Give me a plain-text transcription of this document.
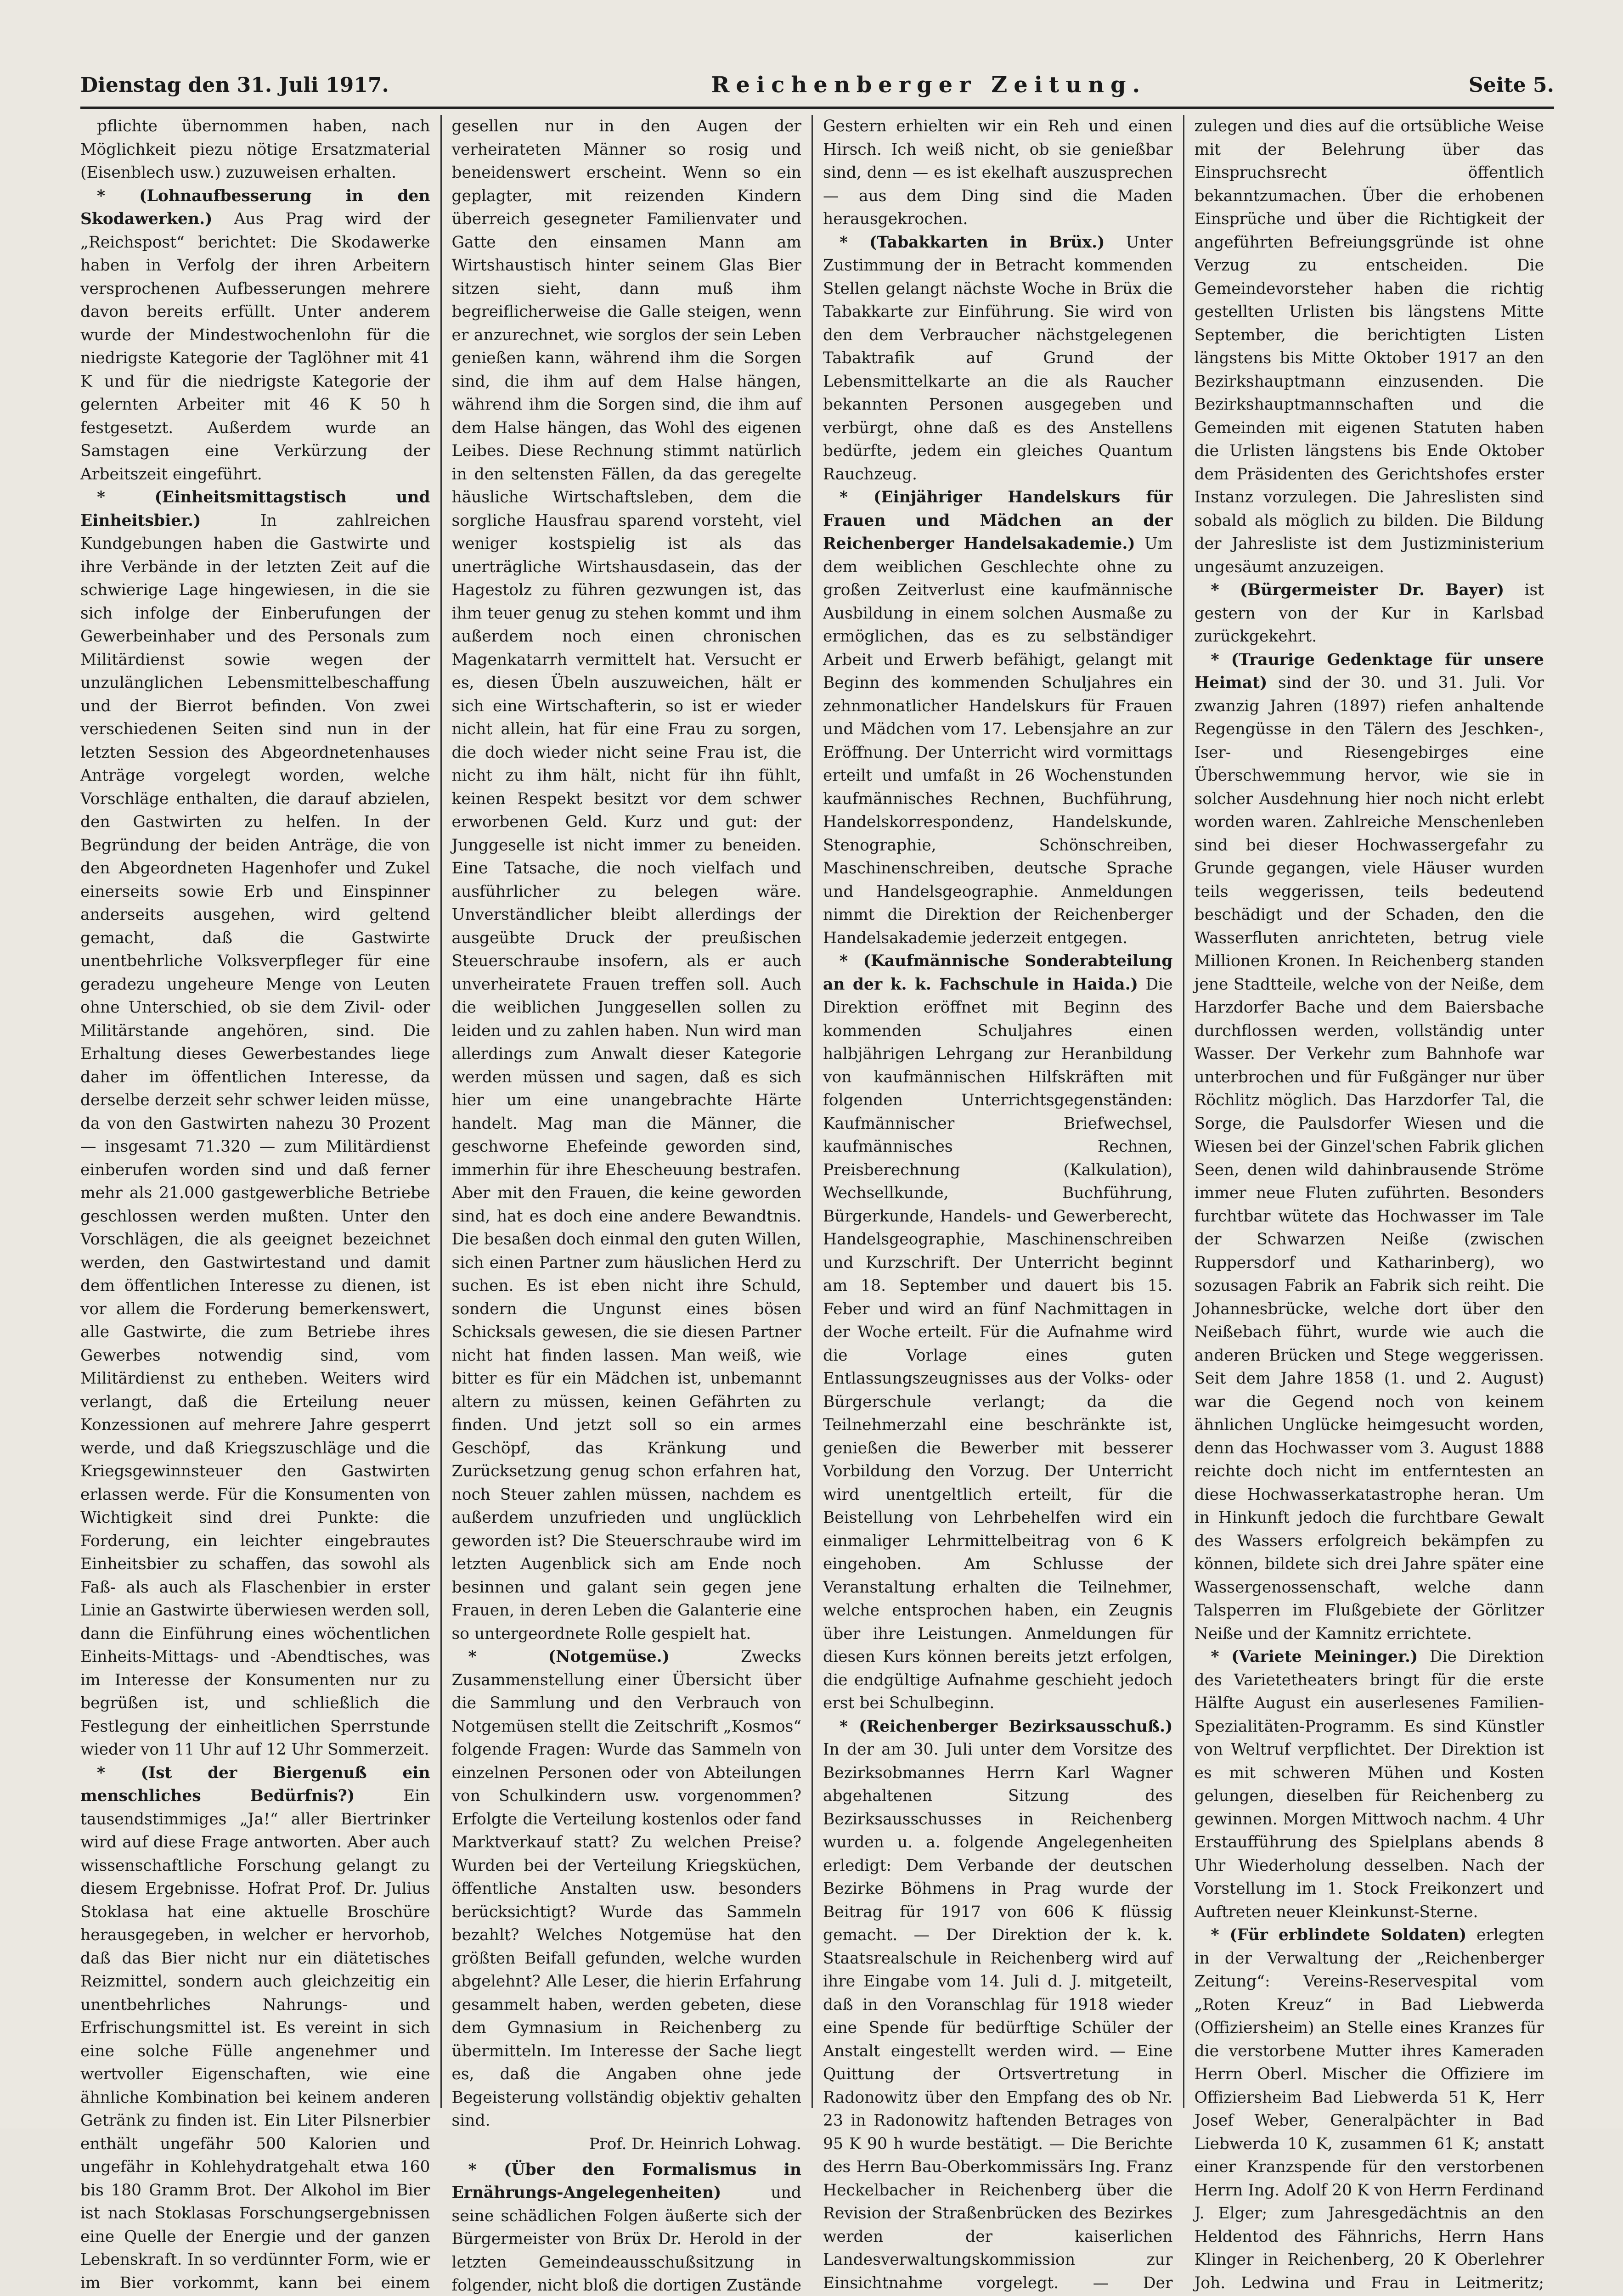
Dienstag den 31. Juli 1917.	Reichenberger Zeitung.	Seite 5.

pflichte übernommen haben, nach Möglichkeit piezu nötige Ersatzmaterial (Eisenblech usw.) zuzuweisen erhalten.

* (Lohnaufbesserung in den Skodawerken.) Aus Prag wird der „Reichspost“ berichtet: Die Skodawerke haben in Verfolg der ihren Arbeitern versprochenen Aufbesserungen mehrere davon bereits erfüllt. Unter anderem wurde der Mindestwochenlohn für die niedrigste Kategorie der Taglöhner mit 41 K und für die niedrigste Kategorie der gelernten Arbeiter mit 46 K 50 h festgesetzt. Außerdem wurde an Samstagen eine Verkürzung der Arbeitszeit eingeführt.

* (Einheitsmittagstisch und Einheitsbier.)	In zahlreichen Kundgebungen haben die Gastwirte und ihre Verbände in der letzten Zeit auf die schwierige Lage hingewiesen, in die sie sich infolge der Einberufungen der Gewerbeinhaber und des Personals zum Militärdienst sowie wegen der unzulänglichen Lebensmittelbeschaffung und der Bierrot befinden. Von zwei verschiedenen Seiten sind nun in der letzten Session des Abgeordnetenhauses Anträge vorgelegt worden, welche Vorschläge enthalten, die darauf abzielen, den Gastwirten zu helfen. In der Begründung der beiden Anträge, die von den Abgeordneten Hagenhofer und Zukel einerseits sowie Erb und Einspinner anderseits ausgehen, wird geltend gemacht, daß die Gastwirte unentbehrliche Volksverpfleger für eine geradezu ungeheure Menge von Leuten ohne Unterschied, ob sie dem Zivil- oder Militärstande angehören, sind. Die Erhaltung dieses Gewerbestandes liege daher im öffentlichen Interesse, da derselbe derzeit sehr schwer leiden müsse, da von den Gastwirten nahezu 30 Prozent — insgesamt 71.320 — zum Militärdienst einberufen worden sind und daß ferner mehr als 21.000 gastgewerbliche Betriebe geschlossen werden mußten. Unter den Vorschlägen, die als geeignet bezeichnet werden, den Gastwirtestand und damit dem öffentlichen Interesse zu dienen, ist vor allem die Forderung bemerkenswert, alle Gastwirte, die zum Betriebe ihres Gewerbes notwendig sind, vom Militärdienst zu entheben. Weiters wird verlangt, daß die Erteilung neuer Konzessionen auf mehrere Jahre gesperrt werde, und daß Kriegszuschläge und die Kriegsgewinnsteuer den Gastwirten erlassen werde. Für die Konsumenten von Wichtigkeit sind drei Punkte: die Forderung, ein leichter eingebrautes Einheitsbier zu schaffen, das sowohl als Faß- als auch als Flaschenbier in erster Linie an Gastwirte überwiesen werden soll, dann die Einführung eines wöchentlichen Einheits-Mittags- und -Abendtisches, was im Interesse der Konsumenten nur zu begrüßen ist, und schließlich die Festlegung der einheitlichen Sperrstunde wieder von 11 Uhr auf 12 Uhr Sommerzeit.

* (Ist der Biergenuß ein menschliches Bedürfnis?)	Ein tausendstimmiges „Ja!“ aller Biertrinker wird auf diese Frage antworten. Aber auch wissenschaftliche Forschung gelangt zu diesem Ergebnisse. Hofrat Prof. Dr. Julius Stoklasa hat eine aktuelle Broschüre herausgegeben, in welcher er hervorhob, daß das Bier nicht nur ein diätetisches Reizmittel, sondern auch gleichzeitig ein unentbehrliches Nahrungs- und Erfrischungsmittel ist. Es vereint in sich eine solche Fülle angenehmer und wertvoller Eigenschaften, wie eine ähnliche Kombination bei keinem anderen Getränk zu finden ist. Ein Liter Pilsnerbier enthält ungefähr 500 Kalorien und ungefähr in Kohlehydratgehalt etwa 160 bis 180 Gramm Brot. Der Alkohol im Bier ist nach Stoklasas Forschungsergebnissen eine Quelle der Energie und der ganzen Lebenskraft. In so verdünnter Form, wie er im Bier vorkommt, kann bei einem

gesellen nur in den Augen der verheirateten Männer so rosig und beneidenswert erscheint. Wenn so ein geplagter, mit reizenden Kindern überreich gesegneter Familienvater und Gatte den einsamen Mann am Wirtshaustisch hinter seinem Glas Bier sitzen sieht, dann muß ihm begreiflicherweise die Galle steigen, wenn er anzurechnet, wie sorglos der sein Leben genießen kann, während ihm die Sorgen sind, die ihm auf dem Halse hängen, während ihm die Sorgen sind, die ihm auf dem Halse hängen, das Wohl des eigenen Leibes. Diese Rechnung stimmt natürlich in den seltensten Fällen, da das geregelte häusliche Wirtschaftsleben, dem die sorgliche Hausfrau sparend vorsteht, viel weniger kostspielig ist als das unerträgliche Wirtshausdasein, das der Hagestolz zu führen gezwungen ist, das ihm teuer genug zu stehen kommt und ihm außerdem noch einen chronischen Magenkatarrh vermittelt hat. Versucht er es, diesen Übeln auszuweichen, hält er sich eine Wirtschafterin, so ist er wieder nicht allein, hat für eine Frau zu sorgen, die doch wieder nicht seine Frau ist, die nicht zu ihm hält, nicht für ihn fühlt, keinen Respekt besitzt vor dem schwer erworbenen Geld. Kurz und gut: der Junggeselle ist nicht immer zu beneiden. Eine Tatsache, die noch vielfach und ausführlicher zu belegen wäre. Unverständlicher bleibt allerdings der ausgeübte Druck der preußischen Steuerschraube insofern, als er auch unverheiratete Frauen treffen soll. Auch die weiblichen Junggesellen sollen zu leiden und zu zahlen haben. Nun wird man allerdings zum Anwalt dieser Kategorie werden müssen und sagen, daß es sich hier um eine unangebrachte Härte handelt. Mag man die Männer, die geschworne Ehefeinde geworden sind, immerhin für ihre Ehescheuung bestrafen. Aber mit den Frauen, die keine geworden sind, hat es doch eine andere Bewandtnis. Die besaßen doch einmal den guten Willen, sich einen Partner zum häuslichen Herd zu suchen. Es ist eben nicht ihre Schuld, sondern die Ungunst eines bösen Schicksals gewesen, die sie diesen Partner nicht hat finden lassen. Man weiß, wie bitter es für ein Mädchen ist, unbemannt altern zu müssen, keinen Gefährten zu finden. Und jetzt soll so ein armes Geschöpf, das Kränkung und Zurücksetzung genug schon erfahren hat, noch Steuer zahlen müssen, nachdem es außerdem unzufrieden und unglücklich geworden ist? Die Steuerschraube wird im letzten Augenblick sich am Ende noch besinnen und galant sein gegen jene Frauen, in deren Leben die Galanterie eine so untergeordnete Rolle gespielt hat.

* (Notgemüse.)	Zwecks Zusammenstellung einer Übersicht über die Sammlung und den Verbrauch von Notgemüsen stellt die Zeitschrift „Kosmos“ folgende Fragen: Wurde das Sammeln von einzelnen Personen oder von Abteilungen von Schulkindern usw. vorgenommen? Erfolgte die Verteilung kostenlos oder fand Marktverkauf statt? Zu welchen Preise? Wurden bei der Verteilung Kriegsküchen, öffentliche Anstalten usw. besonders berücksichtigt? Wurde das Sammeln bezahlt? Welches Notgemüse hat den größten Beifall gefunden, welche wurden abgelehnt? Alle Leser, die hierin Erfahrung gesammelt haben, werden gebeten, diese dem Gymnasium in Reichenberg zu übermitteln. Im Interesse der Sache liegt es, daß die Angaben ohne jede Begeisterung vollständig objektiv gehalten sind.

Prof. Dr. Heinrich Lohwag.

* (Über den Formalismus in Ernährungs-Angelegenheiten)	und seine schädlichen Folgen äußerte sich der Bürgermeister von Brüx Dr. Herold in der letzten Gemeindeausschußsitzung in folgender, nicht bloß die dortigen Zustände

Gestern erhielten wir ein Reh und einen Hirsch. Ich weiß nicht, ob sie genießbar sind, denn — es ist ekelhaft auszusprechen — aus dem Ding sind die Maden herausgekrochen.

* (Tabakkarten in Brüx.) Unter Zustimmung der in Betracht kommenden Stellen gelangt nächste Woche in Brüx die Tabakkarte zur Einführung. Sie wird von den dem Verbraucher nächstgelegenen Tabaktrafik auf Grund der Lebensmittelkarte an die als Raucher bekannten Personen ausgegeben und verbürgt, ohne daß es des Anstellens bedürfte, jedem ein gleiches Quantum Rauchzeug.

* (Einjähriger Handelskurs für Frauen und Mädchen an der Reichenberger Handelsakademie.) Um dem weiblichen Geschlechte ohne zu großen Zeitverlust eine kaufmännische Ausbildung in einem solchen Ausmaße zu ermöglichen, das es zu selbständiger Arbeit und Erwerb befähigt, gelangt mit Beginn des kommenden Schuljahres ein zehnmonatlicher Handelskurs für Frauen und Mädchen vom 17. Lebensjahre an zur Eröffnung. Der Unterricht wird vormittags erteilt und umfaßt in 26 Wochenstunden kaufmännisches Rechnen, Buchführung, Handelskorrespondenz, Handelskunde, Stenographie, Schönschreiben, Maschinenschreiben, deutsche Sprache und Handelsgeographie. Anmeldungen nimmt die Direktion der Reichenberger Handelsakademie jederzeit entgegen.

* (Kaufmännische Sonderabteilung an der k. k. Fachschule in Haida.) Die Direktion eröffnet mit Beginn des kommenden Schuljahres einen halbjährigen Lehrgang zur Heranbildung von kaufmännischen Hilfskräften mit folgenden Unterrichtsgegenständen: Kaufmännischer Briefwechsel, kaufmännisches Rechnen, Preisberechnung (Kalkulation), Wechsellkunde, Buchführung, Bürgerkunde, Handels- und Gewerberecht, Handelsgeographie, Maschinenschreiben und Kurzschrift. Der Unterricht beginnt am 18. September und dauert bis 15. Feber und wird an fünf Nachmittagen in der Woche erteilt. Für die Aufnahme wird die Vorlage eines guten Entlassungszeugnisses aus der Volks- oder Bürgerschule verlangt; da die Teilnehmerzahl eine beschränkte ist, genießen die Bewerber mit besserer Vorbildung den Vorzug. Der Unterricht wird unentgeltlich erteilt, für die Beistellung von Lehrbehelfen wird ein einmaliger Lehrmittelbeitrag von 6 K eingehoben. Am Schlusse der Veranstaltung erhalten die Teilnehmer, welche entsprochen haben, ein Zeugnis über ihre Leistungen. Anmeldungen für diesen Kurs können bereits jetzt erfolgen, die endgültige Aufnahme geschieht jedoch erst bei Schulbeginn.

* (Reichenberger Bezirksausschuß.) In der am 30. Juli unter dem Vorsitze des Bezirksobmannes Herrn Karl Wagner abgehaltenen Sitzung des Bezirksausschusses in Reichenberg wurden u. a. folgende Angelegenheiten erledigt: Dem Verbande der deutschen Bezirke Böhmens in Prag wurde der Beitrag für 1917 von 606 K flüssig gemacht. — Der Direktion der k. k. Staatsrealschule in Reichenberg wird auf ihre Eingabe vom 14. Juli d. J. mitgeteilt, daß in den Voranschlag für 1918 wieder eine Spende für bedürftige Schüler der Anstalt eingestellt werden wird. — Eine Quittung der Ortsvertretung in Radonowitz über den Empfang des ob Nr. 23 in Radonowitz haftenden Betrages von 95 K 90 h wurde bestätigt. — Die Berichte des Herrn Bau-Oberkommissärs Ing. Franz Heckelbacher in Reichenberg über die Revision der Straßenbrücken des Bezirkes werden der kaiserlichen Landesverwaltungskommission zur Einsichtnahme vorgelegt. — Der

zulegen und dies auf die ortsübliche Weise mit der Belehrung über das Einspruchsrecht öffentlich bekanntzumachen. Über die erhobenen Einsprüche und über die Richtigkeit der angeführten Befreiungsgründe ist ohne Verzug zu entscheiden. Die Gemeindevorsteher haben die richtig gestellten Urlisten bis längstens Mitte September, die berichtigten Listen längstens bis Mitte Oktober 1917 an den Bezirkshauptmann einzusenden. Die Bezirkshauptmannschaften und die Gemeinden mit eigenen Statuten haben die Urlisten längstens bis Ende Oktober dem Präsidenten des Gerichtshofes erster Instanz vorzulegen. Die Jahreslisten sind sobald als möglich zu bilden. Die Bildung der Jahresliste ist dem Justizministerium ungesäumt anzuzeigen.

* (Bürgermeister Dr. Bayer) ist gestern von der Kur in Karlsbad zurückgekehrt.

* (Traurige Gedenktage für unsere Heimat) sind der 30. und 31. Juli. Vor zwanzig Jahren (1897) riefen anhaltende Regengüsse in den Tälern des Jeschken-, Iser- und Riesengebirges eine Überschwemmung hervor, wie sie in solcher Ausdehnung hier noch nicht erlebt worden waren. Zahlreiche Menschenleben sind bei dieser Hochwassergefahr zu Grunde gegangen, viele Häuser wurden teils weggerissen, teils bedeutend beschädigt und der Schaden, den die Wasserfluten anrichteten, betrug viele Millionen Kronen. In Reichenberg standen jene Stadtteile, welche von der Neiße, dem Harzdorfer Bache und dem Baiersbache durchflossen werden, vollständig unter Wasser. Der Verkehr zum Bahnhofe war unterbrochen und für Fußgänger nur über Röchlitz möglich. Das Harzdorfer Tal, die Sorge, die Paulsdorfer Wiesen und die Wiesen bei der Ginzel'schen Fabrik glichen Seen, denen wild dahinbrausende Ströme immer neue Fluten zuführten. Besonders furchtbar wütete das Hochwasser im Tale der Schwarzen Neiße (zwischen Ruppersdorf und Katharinberg), wo sozusagen Fabrik an Fabrik sich reiht. Die Johannesbrücke, welche dort über den Neißebach führt, wurde wie auch die anderen Brücken und Stege weggerissen. Seit dem Jahre 1858 (1. und 2. August) war die Gegend noch von keinem ähnlichen Unglücke heimgesucht worden, denn das Hochwasser vom 3. August 1888 reichte doch nicht im entferntesten an diese Hochwasserkatastrophe heran. Um in Hinkunft jedoch die furchtbare Gewalt des Wassers erfolgreich bekämpfen zu können, bildete sich drei Jahre später eine Wassergenossenschaft, welche dann Talsperren im Flußgebiete der Görlitzer Neiße und der Kamnitz errichtete.

* (Variete Meininger.) Die Direktion des Varietetheaters bringt für die erste Hälfte August ein auserlesenes Familien-Spezialitäten-Programm. Es sind Künstler von Weltruf verpflichtet. Der Direktion ist es mit schweren Mühen und Kosten gelungen, dieselben für Reichenberg zu gewinnen. Morgen Mittwoch nachm. 4 Uhr Erstaufführung des Spielplans abends 8 Uhr Wiederholung desselben. Nach der Vorstellung im 1. Stock Freikonzert und Auftreten neuer Kleinkunst-Sterne.

* (Für erblindete Soldaten) erlegten in der Verwaltung der „Reichenberger Zeitung“: Vereins-Reservespital vom „Roten Kreuz“ in Bad Liebwerda (Offiziersheim) an Stelle eines Kranzes für die verstorbene Mutter ihres Kameraden Herrn Oberl. Mischer die Offiziere im Offiziersheim Bad Liebwerda 51 K, Herr Josef Weber, Generalpächter in Bad Liebwerda 10 K, zusammen 61 K; anstatt einer Kranzspende für den verstorbenen Herrn Ing. Adolf 20 K von Herrn Ferdinand J. Elger; zum Jahresgedächtnis an den Heldentod des Fähnrichs, Herrn Hans Klinger in Reichenberg, 20 K Oberlehrer Joh. Ledwina und Frau in Leitmeritz;
